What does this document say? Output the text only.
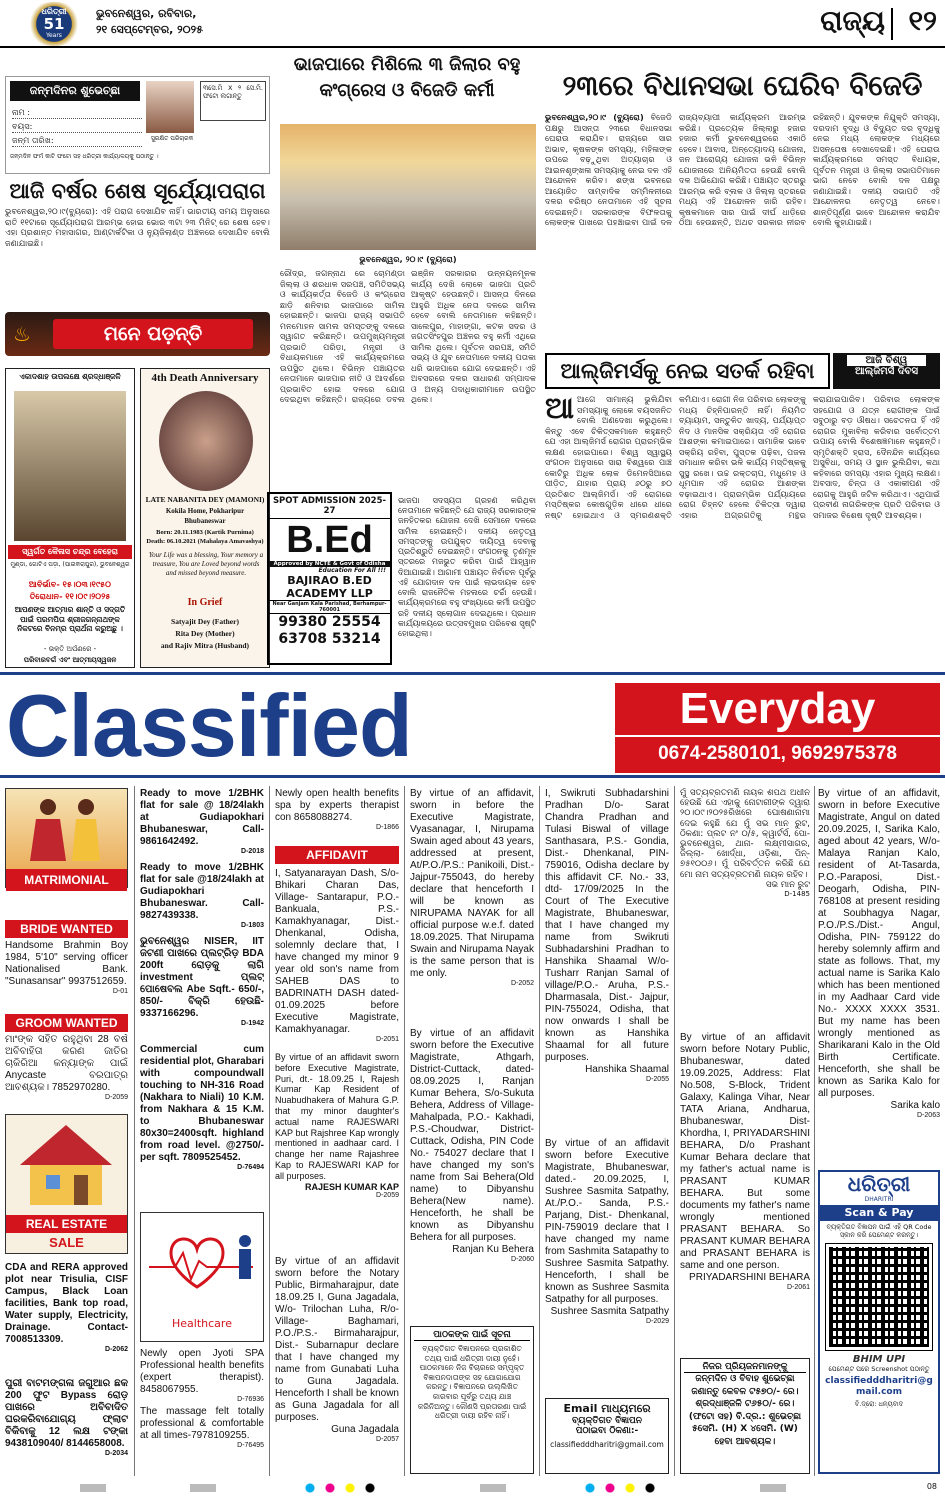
ଧରିତ୍ରୀ
51
Years
ଭୁବନେଶ୍ୱର, ରବିବାର,
୨୧ ସେପ୍ଟେମ୍ବର, ୨୦୨୫	ରାଜ୍ୟ ୧୨
ଜନ୍ମଦିନର ଶୁଭେଚ୍ଛା
ନାମ :
ବୟସ:
ଜନ୍ମ ତାରିଖ:	ସୁରକ୍ଷିତ ପରିଚାରକ
୩ସେ.ମି X ୨ ସେ.ମି. ଫଟୋ ଲଗାନ୍ତୁ
ଜନ୍ମଦିନ ଫର୍ମ କାଟି ଫଟୋ ସହ ଧରିତ୍ରୀ କାର୍ଯ୍ୟାଳୟକୁ ପଠାନ୍ତୁ ।
ଆଜି ବର୍ଷର ଶେଷ ସୂର୍ଯ୍ୟୋପରାଗ
ଭୁବନେଶ୍ୱର,୨୦।୯(ବ୍ୟୁରୋ): ଏହି ପରାଗ ଦେଖାଯିବ ନାହିଁ। ଭାରତୀୟ ସମୟ ଅନୁସାରେ ରାତି ୧୧ଟାରେ ସୂର୍ଯ୍ୟୋପରାଗ ଆରମ୍ଭ ହୋଇ ଭୋର ୩ଟା ୨୩ ମିନିଟ୍ ରେ ଶେଷ ହେବ। ଏହା ପ୍ରଶାନ୍ତ ମହାସାଗର, ଆଣ୍ଟାର୍କଟିକା ଓ ନ୍ୟୁଜିଲାଣ୍ଡ ଅଞ୍ଚଳରେ ଦେଖାଯିବ ବୋଲି ଜଣାଯାଇଛି।
♨	ମନେ ପଡ଼ନ୍ତି
ଏକାଦଶାହ ଉପଲକ୍ଷେ ଶ୍ରଦ୍ଧାଞ୍ଜଳି
ସ୍ୱର୍ଗତ କୈଳାସ ଚନ୍ଦ୍ର ବେହେରା
ମୁଣ୍ଡା, ଗୋଟିଏ ପଡ଼ା, (ପାଇକରାପୁର), ଭୁବନେଶ୍ୱର
ଆବିର୍ଭାବ- ୧୫।୦୩।୧୯୫୦
ତିରୋଧାନ- ୧୧।୦୯।୨୦୨୫
ଆପଣଙ୍କ ଆତ୍ମାର ଶାନ୍ତି ଓ ସଦ୍ଗତି ପାଇଁ ପରମପିତା ଶ୍ରୀଜଗନ୍ନାଥଙ୍କ ନିକଟରେ ବିନମ୍ର ପ୍ରାର୍ଥନା କରୁଅଛୁ ।
- ଭକ୍ତି ଅର୍ପଣରେ -
ପରିବାରବର୍ଗ ଏବଂ ଆତ୍ମୀୟସ୍ୱଜନ
4th Death Anniversary
LATE NABANITA DEY (MAMONI)
Kokila Home, Pokharipur
Bhubaneswar
Born: 20.11.1983 (Kartik Purnima)
Death: 06.10.2021 (Mahalaya Amavashya)
Your Life was a blessing, Your memory a treasure, You are Loved beyond words and missed beyond measure.
In Grief
Satyajit Dey (Father)
Rita Dey (Mother)
and Rajiv Mitra (Husband)
ଭାଜପାରେ ମିଶିଲେ ୩ ଜିଲାର ବହୁ କଂଗ୍ରେସ ଓ ବିଜେଡି କର୍ମୀ
ଭୁବନେଶ୍ୱର, ୨୦।୯ (ବ୍ୟୁରୋ)
ରୌଦ୍ର, ଜଗନ୍ନାଥ ରେ ଚୋମଣ୍ଡା ଜିଲ୍ଲା ଓ ଶରଧାଳ ସରପଞ୍ଚ, ସମିତିସଭ୍ୟ ଓ କାର୍ଯ୍ୟକର୍ତ୍ତା ବିଜେଡି ଓ କଂଗ୍ରେସ ଛାଡ଼ି ଶନିବାର ଭାଜପାରେ ସାମିଲ ହୋଇଛନ୍ତି। ଭାଜପା ରାଜ୍ୟ ସଭାପତି ମନମୋହନ ସାମଲ ସମସ୍ତଙ୍କୁ ଦଳରେ ସ୍ୱାଗତ କରିଛନ୍ତି। ଉପମୁଖ୍ୟମନ୍ତ୍ରୀ ପ୍ରଭାତି ପରିଡ଼ା, ମନ୍ତ୍ରୀ ଓ ବିଧାୟକମାନେ ଏହି କାର୍ଯ୍ୟକ୍ରମରେ ଉପସ୍ଥିତ ଥିଲେ। ବିଭିନ୍ନ ପଞ୍ଚାୟତର ନେତାମାନେ ଭାଜପାର ନୀତି ଓ ଆଦର୍ଶରେ ପ୍ରଭାବିତ ହୋଇ ଦଳରେ ଯୋଗ ଦେଇଥିବା କହିଛନ୍ତି। ରାଜ୍ୟରେ ଡବଲ ଇଞ୍ଜିନ ସରକାରର ଉନ୍ନୟନମୂଳକ କାର୍ଯ୍ୟ ଦେଖି ଲୋକେ ଭାଜପା ପ୍ରତି ଆକୃଷ୍ଟ ହେଉଛନ୍ତି। ଆସନ୍ତା ଦିନରେ ଆହୁରି ଅଧିକ ନେତା ଦଳରେ ସାମିଲ ହେବେ ବୋଲି ନେତାମାନେ କହିଛନ୍ତି। ସାଲେପୁର, ମାହାଙ୍ଗା, କଟକ ସଦର ଓ ଜଗତସିଂହପୁର ଅଞ୍ଚଳର ବହୁ କର୍ମୀ ଏଥିରେ ସାମିଲ ଥିଲେ। ପୂର୍ବତନ ସରପଞ୍ଚ, ସମିତି ସଭ୍ୟ ଓ ଯୁବ ନେତାମାନେ ଦଳୀୟ ପତାକା ଧରି ଭାଜପାରେ ଯୋଗ ଦେଇଛନ୍ତି। ଏହି ଅବସରରେ ଦଳର ସାଧାରଣ ସମ୍ପାଦକ ଓ ଅନ୍ୟ ପଦାଧିକାରୀମାନେ ଉପସ୍ଥିତ ଥିଲେ।
SPOT ADMISSION 2025-27
B.Ed
Approved by NCTE & Govt of Odisha
Education For All !!!
BAJIRAO B.ED
ACADEMY LLP
Near Ganjam Kala Parishad, Berhampur-760001
99380 25554
63708 53214
ଭାଜପା ସଦସ୍ୟତା ଗ୍ରହଣ କରିଥିବା ନେତାମାନେ କହିଛନ୍ତି ଯେ ରାଜ୍ୟ ସରକାରଙ୍କ ଜନହିତକର ଯୋଜନା ଦେଖି ସେମାନେ ଦଳରେ ସାମିଲ ହୋଇଛନ୍ତି। ଦଳୀୟ ନେତୃତ୍ୱ ସମସ୍ତଙ୍କୁ ଉପଯୁକ୍ତ ଦାୟିତ୍ୱ ଦେବାକୁ ପ୍ରତିଶ୍ରୁତି ଦେଇଛନ୍ତି। ସଂଗଠନକୁ ତୃଣମୂଳ ସ୍ତରରେ ମଜଭୁତ କରିବା ପାଇଁ ଆହ୍ୱାନ ଦିଆଯାଇଛି। ଆଗାମୀ ପଞ୍ଚାୟତ ନିର୍ବାଚନ ପୂର୍ବରୁ ଏହି ଯୋଗଦାନ ଦଳ ପାଇଁ ଲାଭଦାୟକ ହେବ ବୋଲି ରାଜନୈତିକ ମହଲରେ ଚର୍ଚ୍ଚା ହେଉଛି। କାର୍ଯ୍ୟକ୍ରମରେ ବହୁ ସଂଖ୍ୟାରେ କର୍ମୀ ଉପସ୍ଥିତ ରହି ଦଳୀୟ ସ୍ଲୋଗାନ ଦେଇଥିଲେ। ପ୍ରଧାନ କାର୍ଯ୍ୟାଳୟରେ ଉତ୍ସବମୁଖର ପରିବେଶ ସୃଷ୍ଟି ହୋଇଥିଲା।
୨୩ରେ ବିଧାନସଭା ଘେରିବ ବିଜେଡି
ଭୁବନେଶ୍ୱର,୨୦।୯ (ବ୍ୟୁରୋ) ବିଜେଡି ପକ୍ଷରୁ ଆସନ୍ତା ୨୩ରେ ବିଧାନସଭା ଘେରାଉ କରାଯିବ। ରାଜ୍ୟରେ ସାର ଅଭାବ, କୃଷକଙ୍କ ସମସ୍ୟା, ମହିଳାଙ୍କ ଉପରେ ବଢ଼ୁଥିବା ଅତ୍ୟାଚାର ଓ ଆଇନଶୃଙ୍ଖଳା ସମସ୍ୟାକୁ ନେଇ ଦଳ ଏହି ଆନ୍ଦୋଳନ କରିବ। ଶଙ୍ଖ ଭବନରେ ଆୟୋଜିତ ସାମ୍ବାଦିକ ସମ୍ମିଳନୀରେ ଦଳର ବରିଷ୍ଠ ନେତାମାନେ ଏହି ସୂଚନା ଦେଇଛନ୍ତି। ସରକାରଙ୍କ ବିଫଳତାକୁ ଲୋକଙ୍କ ପାଖରେ ପହଞ୍ଚାଇବା ପାଇଁ ଦଳ ରାଜ୍ୟବ୍ୟାପୀ କାର୍ଯ୍ୟକ୍ରମ ଆରମ୍ଭ କରିଛି। ପ୍ରତ୍ୟେକ ଜିଲ୍ଲାରୁ ହଜାର ହଜାର କର୍ମୀ ଭୁବନେଶ୍ୱରରେ ଏକାଠି ହେବେ। ଆବାସ, ଅନ୍ତ୍ୟୋଦୟ ଯୋଜନା, ଜନ ଆରୋଗ୍ୟ ଯୋଜନା ଭଳି ବିଭିନ୍ନ ଯୋଜନାରେ ଅନିୟମିତତା ହେଉଛି ବୋଲି ଦଳ ଅଭିଯୋଗ କରିଛି। ପଞ୍ଚାୟତ ସ୍ତରରୁ ଆରମ୍ଭ କରି ବ୍ଲକ ଓ ଜିଲ୍ଲା ସ୍ତରରେ ମଧ୍ୟ ଏହି ଆନ୍ଦୋଳନ ଜାରି ରହିବ। କୃଷକମାନେ ସାର ପାଇଁ ଦୀର୍ଘ ଧାଡ଼ିରେ ଠିଆ ହେଉଛନ୍ତି, ଅଥଚ ସରକାର ନୀରବ ରହିଛନ୍ତି। ଯୁବକଙ୍କ ନିଯୁକ୍ତି ସମସ୍ୟା, ଦରଦାମ ବୃଦ୍ଧି ଓ ବିଦ୍ୟୁତ ଦର ବୃଦ୍ଧିକୁ ନେଇ ମଧ୍ୟ ଲୋକଙ୍କ ମଧ୍ୟରେ ଅସନ୍ତୋଷ ଦେଖାଦେଇଛି। ଏହି ଘେରାଉ କାର୍ଯ୍ୟକ୍ରମରେ ସମସ୍ତ ବିଧାୟକ, ପୂର୍ବତନ ମନ୍ତ୍ରୀ ଓ ଜିଲ୍ଲା ସଭାପତିମାନେ ଭାଗ ନେବେ ବୋଲି ଦଳ ପକ୍ଷରୁ ଜଣାଯାଇଛି। ଦଳୀୟ ସଭାପତି ଏହି ଆନ୍ଦୋଳନର ନେତୃତ୍ୱ ନେବେ। ଶାନ୍ତିପୂର୍ଣ୍ଣ ଭାବେ ଆନ୍ଦୋଳନ କରାଯିବ ବୋଲି କୁହାଯାଇଛି।
ଆଲ୍‌ଜିମର୍ସକୁ ନେଇ ସତର୍କ ରହିବା	ଆଜି ବିଶ୍ୱ
ଆଲ୍‌ଜିମର୍ସ ଦିବସ
ଆଆଗେ ସାମାନ୍ୟ ଭୁଲିଯିବା ସମସ୍ୟାକୁ ଲୋକେ ବୟସଜନିତ ବୋଲି ଅଣଦେଖା କରୁଥିଲେ। କିନ୍ତୁ ଏବେ ଚିକିତ୍ସକମାନେ କହୁଛନ୍ତି ଯେ ଏହା ଆଲ୍‌ଜିମର୍ସ ରୋଗର ପ୍ରାରମ୍ଭିକ ଲକ୍ଷଣ ହୋଇପାରେ। ବିଶ୍ୱ ସ୍ୱାସ୍ଥ୍ୟ ସଂଗଠନ ଅନୁସାରେ ସାରା ବିଶ୍ୱରେ ପାଞ୍ଚ କୋଟିରୁ ଅଧିକ ଲୋକ ଡିମେନସିଆରେ ପୀଡ଼ିତ, ଯାହାର ପ୍ରାୟ ୬୦ରୁ ୭୦ ପ୍ରତିଶତ ଆଲ୍‌ଜିମର୍ସ। ଏହି ରୋଗରେ ମସ୍ତିଷ୍କର କୋଷଗୁଡ଼ିକ ଧୀରେ ଧୀରେ ନଷ୍ଟ ହୋଇଥାଏ ଓ ସ୍ମରଣଶକ୍ତି କମିଯାଏ। ରୋଗୀ ନିଜ ପରିବାର ଲୋକଙ୍କୁ ମଧ୍ୟ ଚିହ୍ନିପାରନ୍ତି ନାହିଁ। ନିୟମିତ ବ୍ୟାୟାମ, ସନ୍ତୁଳିତ ଖାଦ୍ୟ, ପର୍ଯ୍ୟାପ୍ତ ନିଦ ଓ ମାନସିକ ସକ୍ରିୟତା ଏହି ରୋଗର ଆଶଙ୍କା କମାଇପାରେ। ସାମାଜିକ ଭାବେ ସକ୍ରିୟ ରହିବା, ପୁସ୍ତକ ପଢ଼ିବା, ପଜଲ ସମାଧାନ କରିବା ଭଳି କାର୍ଯ୍ୟ ମସ୍ତିଷ୍କକୁ ସୁସ୍ଥ ରଖେ। ଉଚ୍ଚ ରକ୍ତଚାପ, ମଧୁମେହ ଓ ଧୂମପାନ ଏହି ରୋଗର ଆଶଙ୍କା ବଢ଼ାଇଥାଏ। ପ୍ରାରମ୍ଭିକ ପର୍ଯ୍ୟାୟରେ ରୋଗ ଚିହ୍ନଟ ହେଲେ ଚିକିତ୍ସା ଦ୍ୱାରା ଏହାର ଅଗ୍ରଗତିକୁ ମନ୍ଥର କରାଯାଇପାରିବ। ପରିବାର ଲୋକଙ୍କ ସହଯୋଗ ଓ ଯତ୍ନ ରୋଗୀଙ୍କ ପାଇଁ ସବୁଠାରୁ ବଡ଼ ଔଷଧ। ସଚେତନତା ହିଁ ଏହି ରୋଗର ମୁକାବିଲା କରିବାର ସର୍ବୋତ୍ତମ ଉପାୟ ବୋଲି ବିଶେଷଜ୍ଞମାନେ କହୁଛନ୍ତି। ସ୍ମୃତିଶକ୍ତି ହ୍ରାସ, ଦୈନନ୍ଦିନ କାର୍ଯ୍ୟରେ ଅସୁବିଧା, ସମୟ ଓ ସ୍ଥାନ ଭୁଲିଯିବା, କଥା କହିବାରେ ସମସ୍ୟା ଏହାର ମୁଖ୍ୟ ଲକ୍ଷଣ। ଅବସାଦ, ଚିନ୍ତା ଓ ଏକାକୀପଣ ଏହି ରୋଗକୁ ଆହୁରି ଜଟିଳ କରିଥାଏ। ଏଥିପାଇଁ ପ୍ରବୀଣ ନାଗରିକଙ୍କ ପ୍ରତି ପରିବାର ଓ ସମାଜର ବିଶେଷ ଦୃଷ୍ଟି ଆବଶ୍ୟକ।
Classified	Everyday
0674-2580101, 9692975378
MATRIMONIAL
BRIDE WANTED
Handsome Brahmin Boy 1984, 5'10" serving officer Nationalised Bank. "Sunasansar" 9937512659.
D-01
GROOM WANTED
ମାଂଙ୍କ ସହିତ ରହୁଥିବା 28 ବର୍ଷ ଅବିବାହିତା କରଣ ଜାତିର ଚାକିରିଆ କନ୍ୟାଙ୍କ ପାଇଁ Anycaste ବରପାତ୍ର ଆବଶ୍ୟକ। 7852970280.
D-2059
REAL ESTATE
SALE
CDA and RERA approved plot near Trisulia, CISF Campus, Black Loan facilities, Bank top road, Water supply, Electricity, Drainage. Contact-7008513309.
D-2062
ପୁରୀ ବାଟମଙ୍ଗଳା ଜଗୁଆର ଛକ 200 ଫୁଟ Bypass ରୋଡ଼ ପାଖରେ ଅବିବାଦିତ ଘରକରିବାଯୋଗ୍ୟ ଫ୍ଲାଟ ବିକିବାକୁ 12 ଲକ୍ଷ ଟଙ୍କା 9438109040/ 8144658008.
D-2034
Ready to move 1/2BHK flat for sale @ 18/24lakh at Gudiapokhari Bhubaneswar, Call-9861642492.
D-2018
Ready to move 1/2BHK flat for sale @18/24lakh at Gudiapokhari Bhubaneswar. Call-9827439338.
D-1803
ଭୁବନେଶ୍ୱର NISER, IIT ଜଟଣୀ ପାଖରେ ପ୍ଲଟ୍‌ରିଡ଼ BDA 200ft ରୋଡ଼କୁ ଲାଗି investment ପ୍ଲଟ୍ ପୋଷେବଲ Abe Sqft.- 650/-, 850/- ବିକ୍ରି ହେଉଛି- 9337166296.
D-1942
Commercial cum residential plot, Gharabari with compoundwall touching to NH-316 Road (Nakhara to Niali) 10 K.M. from Nakhara & 15 K.M. to Bhubaneswar 80x30=2400sqft. highland from road level. @2750/- per sqft. 7809525452.
D-76494
Healthcare
Newly open Jyoti SPA Professional health benefits (expert therapist). 8458067955.
D-76936
The massage felt totally professional & comfortable at all times-7978109255.
D-76495
Newly open health benefits spa by experts therapist con 8658088274.
D-1866
AFFIDAVIT
I, Satyanarayan Dash, S/o- Bhikari Charan Das, Village- Santarapur, P.O.-Bankuala, P.S.-Kamakhyanagar, Dist.-Dhenkanal, Odisha, solemnly declare that, I have changed my minor 9 year old son's name from SAHEB DAS to BADRINATH DASH dated-01.09.2025 before Executive Magistrate, Kamakhyanagar.
D-2051
By virtue of an affidavit sworn before Executive Magistrate, Puri, dt.- 18.09.25 I, Rajesh Kumar Kap Resident of Nuabudhakera of Mahura G.P. that my minor daughter's actual name RAJESWARI KAP but Rajshree Kap wrongly mentioned in aadhaar card. I change her name Rajashree Kap to RAJESWARI KAP for all purposes.

RAJESH KUMAR KAP
D-2059
By virtue of an affidavit sworn before the Notary Public, Birmaharajpur, date 18.09.25 I, Guna Jagadala, W/o- Trilochan Luha, R/o- Village- Baghamari, P.O./P.S.- Birmaharajpur, Dist.- Subarnapur declare that I have changed my name from Gunabati Luha to Guna Jagadala. Henceforth I shall be known as Guna Jagadala for all purposes.

Guna Jagadala
D-2057
By virtue of an affidavit, sworn in before the Executive Magistrate, Vyasanagar, I, Nirupama Swain aged about 43 years, addressed at present, At/P.O./P.S.: Panikoili, Dist.- Jajpur-755043, do hereby declare that henceforth I will be known as NIRUPAMA NAYAK for all official purpose w.e.f. dated 18.09.2025. That Nirupama Swain and Nirupama Nayak is the same person that is me only.
D-2052
By virtue of an affidavit sworn before the Executive Magistrate, Athgarh, District-Cuttack, dated-08.09.2025 I, Ranjan Kumar Behera, S/o-Sukuta Behera, Address of Village- Mahalpada, P.O.- Kakhadi, P.S.-Choudwar, District-Cuttack, Odisha, PIN Code No.- 754027 declare that I have changed my son's name from Sai Behera(Old name) to Dibyanshu Behera(New name). Henceforth, he shall be known as Dibyanshu Behera for all purposes.

Ranjan Ku Behera
D-2060
ପାଠକଙ୍କ ପାଇଁ ସୂଚନା
ବ୍ୟକ୍ତିଗତ ବିଜ୍ଞାପନରେ ପ୍ରକାଶିତ ତଥ୍ୟ ପାଇଁ ଧରିତ୍ରୀ ଦାୟୀ ନୁହେଁ। ପାଠକମାନେ ନିଜ ବିଚାରରେ ସମ୍ପୃକ୍ତ ବିଜ୍ଞାପନଦାତାଙ୍କ ସହ ଯୋଗାଯୋଗ କରନ୍ତୁ। ବିଜ୍ଞାପନରେ ଉଲ୍ଲିଖିତ କାରବାର ପୂର୍ବରୁ ତଥ୍ୟ ଯାଞ୍ଚ କରିନିଅନ୍ତୁ। କୌଣସି ପ୍ରତାରଣା ପାଇଁ ଧରିତ୍ରୀ ଦାୟୀ ରହିବ ନାହିଁ।
I, Swikruti Subhadarshini Pradhan D/o- Sarat Chandra Pradhan and Tulasi Biswal of village Santhasara, P.S.- Gondia, Dist.- Dhenkanal, PIN-759016, Odisha declare by this affidavit CF. No.- 33, dtd- 17/09/2025 In the Court of The Executive Magistrate, Bhubaneswar, that I have changed my name from Swikruti Subhadarshini Pradhan to Hanshika Shaamal W/o- Tusharr Ranjan Samal of village/P.O.- Aruha, P.S.- Dharmasala, Dist.- Jajpur, PIN-755024, Odisha, that now onwards I shall be known as Hanshika Shaamal for all future purposes.

Hanshika Shaamal
D-2055
By virtue of an affidavit sworn before Executive Magistrate, Bhubaneswar, dated.- 20.09.2025, I, Sushree Sasmita Satpathy, At./P.O.- Sanda, P.S.- Parjang, Dist.- Dhenkanal, PIN-759019 declare that I have changed my name from Sashmita Satapathy to Sushree Sasmita Satpathy. Henceforth, I shall be known as Sushree Sasmita Satpathy for all purposes.

Sushree Sasmita Satpathy
D-2029
Email ମାଧ୍ୟମରେ
ବ୍ୟକ୍ତିଗତ ବିଜ୍ଞାପନ
ପଠାଇବା ଠିକଣା:-
classifiedddharitri@gmail.com
ମୁଁ ସତ୍ୟବ୍ରତମଣି ନାୟକ ଶପଥ ଅଧୀନ ହେଉଛି ଯେ ଏହାକୁ ନୋଟାରୀଙ୍କ ଦ୍ୱାରା ୨୦।୦୯।୨୦୨୫ରିଖରେ ଘୋଷଣାନାମା ଦେଇ କହୁଛି ଯେ ମୁଁ ସଭ ମାନ ରୁଟ, ଠିକଣା: ପ୍ଲଟ ନଂ ୦/୫, କ୍ୱାର୍ଟର୍ସ, ପୋ- ଭୁବନେଶ୍ୱର, ଥାନା- ଲକ୍ଷ୍ମୀସାଗର, ଜିଲ୍ଲା- ଖୋର୍ଦ୍ଧା, ଓଡ଼ିଶା, ପିନ୍- ୭୫୧୦୦୬। ମୁଁ ପରିବର୍ତ୍ତନ କରିଛି ଯେ ମୋ ନାମ ସତ୍ୟବ୍ରତମଣି ନାୟକ ରହିବ।

ସଭ ମାନ ରୁଟ
D-1485
By virtue of an affidavit sworn before Notary Public, Bhubaneswar, dated 19.09.2025, Address: Flat No.508, S-Block, Trident Galaxy, Kalinga Vihar, Near TATA Ariana, Andharua, Bhubaneswar, Dist- Khordha, I, PRIYADARSHINI BEHARA, D/o Prashant Kumar Behara declare that my father's actual name is PRASANT KUMAR BEHARA. But some documents my father's name wrongly mentioned PRASANT BEHARA. So PRASANT KUMAR BEHARA and PRASANT BEHARA is same and one person.

PRIYADARSHINI BEHARA
D-2061
ନିଜର ପ୍ରିୟଜନମାନଙ୍କୁ
ଜନ୍ମଦିନ ଓ ବିବାହ ଶୁଭେଚ୍ଛା ଜଣାନ୍ତୁ କେବଳ ଟ୫୭୦/- ରେ। ଶ୍ରଦ୍ଧାଞ୍ଜଳି ଟ୬୫୦/- ରେ। (ଫଟୋ ସହ) ବି.ଦ୍ର.: ଶୁଭେଚ୍ଛା ୫ସେମି. (H) X ୪ସେମି. (W) ହେବା ଆବଶ୍ୟକ।
By virtue of an affidavit, sworn in before Executive Magistrate, Angul on dated 20.09.2025, I, Sarika Kalo, aged about 42 years, W/o- Malaya Ranjan Kalo, resident of At-Tasarda, P.O.-Paraposi, Dist.- Deogarh, Odisha, PIN- 768108 at present residing at Soubhagya Nagar, P.O./P.S./Dist.- Angul, Odisha, PIN- 759122 do hereby solemnly affirm and state as follows. That, my actual name is Sarika Kalo which has been mentioned in my Aadhaar Card vide No.- XXXX XXXX 3531. But my name has been wrongly mentioned as Sharikarani Kalo in the Old Birth Certificate. Henceforth, she shall be known as Sarika Kalo for all purposes.

Sarika kalo
D-2063
ଧରିତ୍ରୀ
DHARITRI
Scan & Pay
ବ୍ୟକ୍ତିଗତ ବିଜ୍ଞାପନ ପାଇଁ ଏହି QR Code ସ୍କାନ କରି ପେମେଣ୍ଟ କରନ୍ତୁ।
BHIM UPI
ପେମେଣ୍ଟ ପରେ Screenshot ପଠାନ୍ତୁ
classifiedddharitri@gmail.com
ବି.ଦ୍ରୋ: ଧନ୍ୟବାଦ
08
